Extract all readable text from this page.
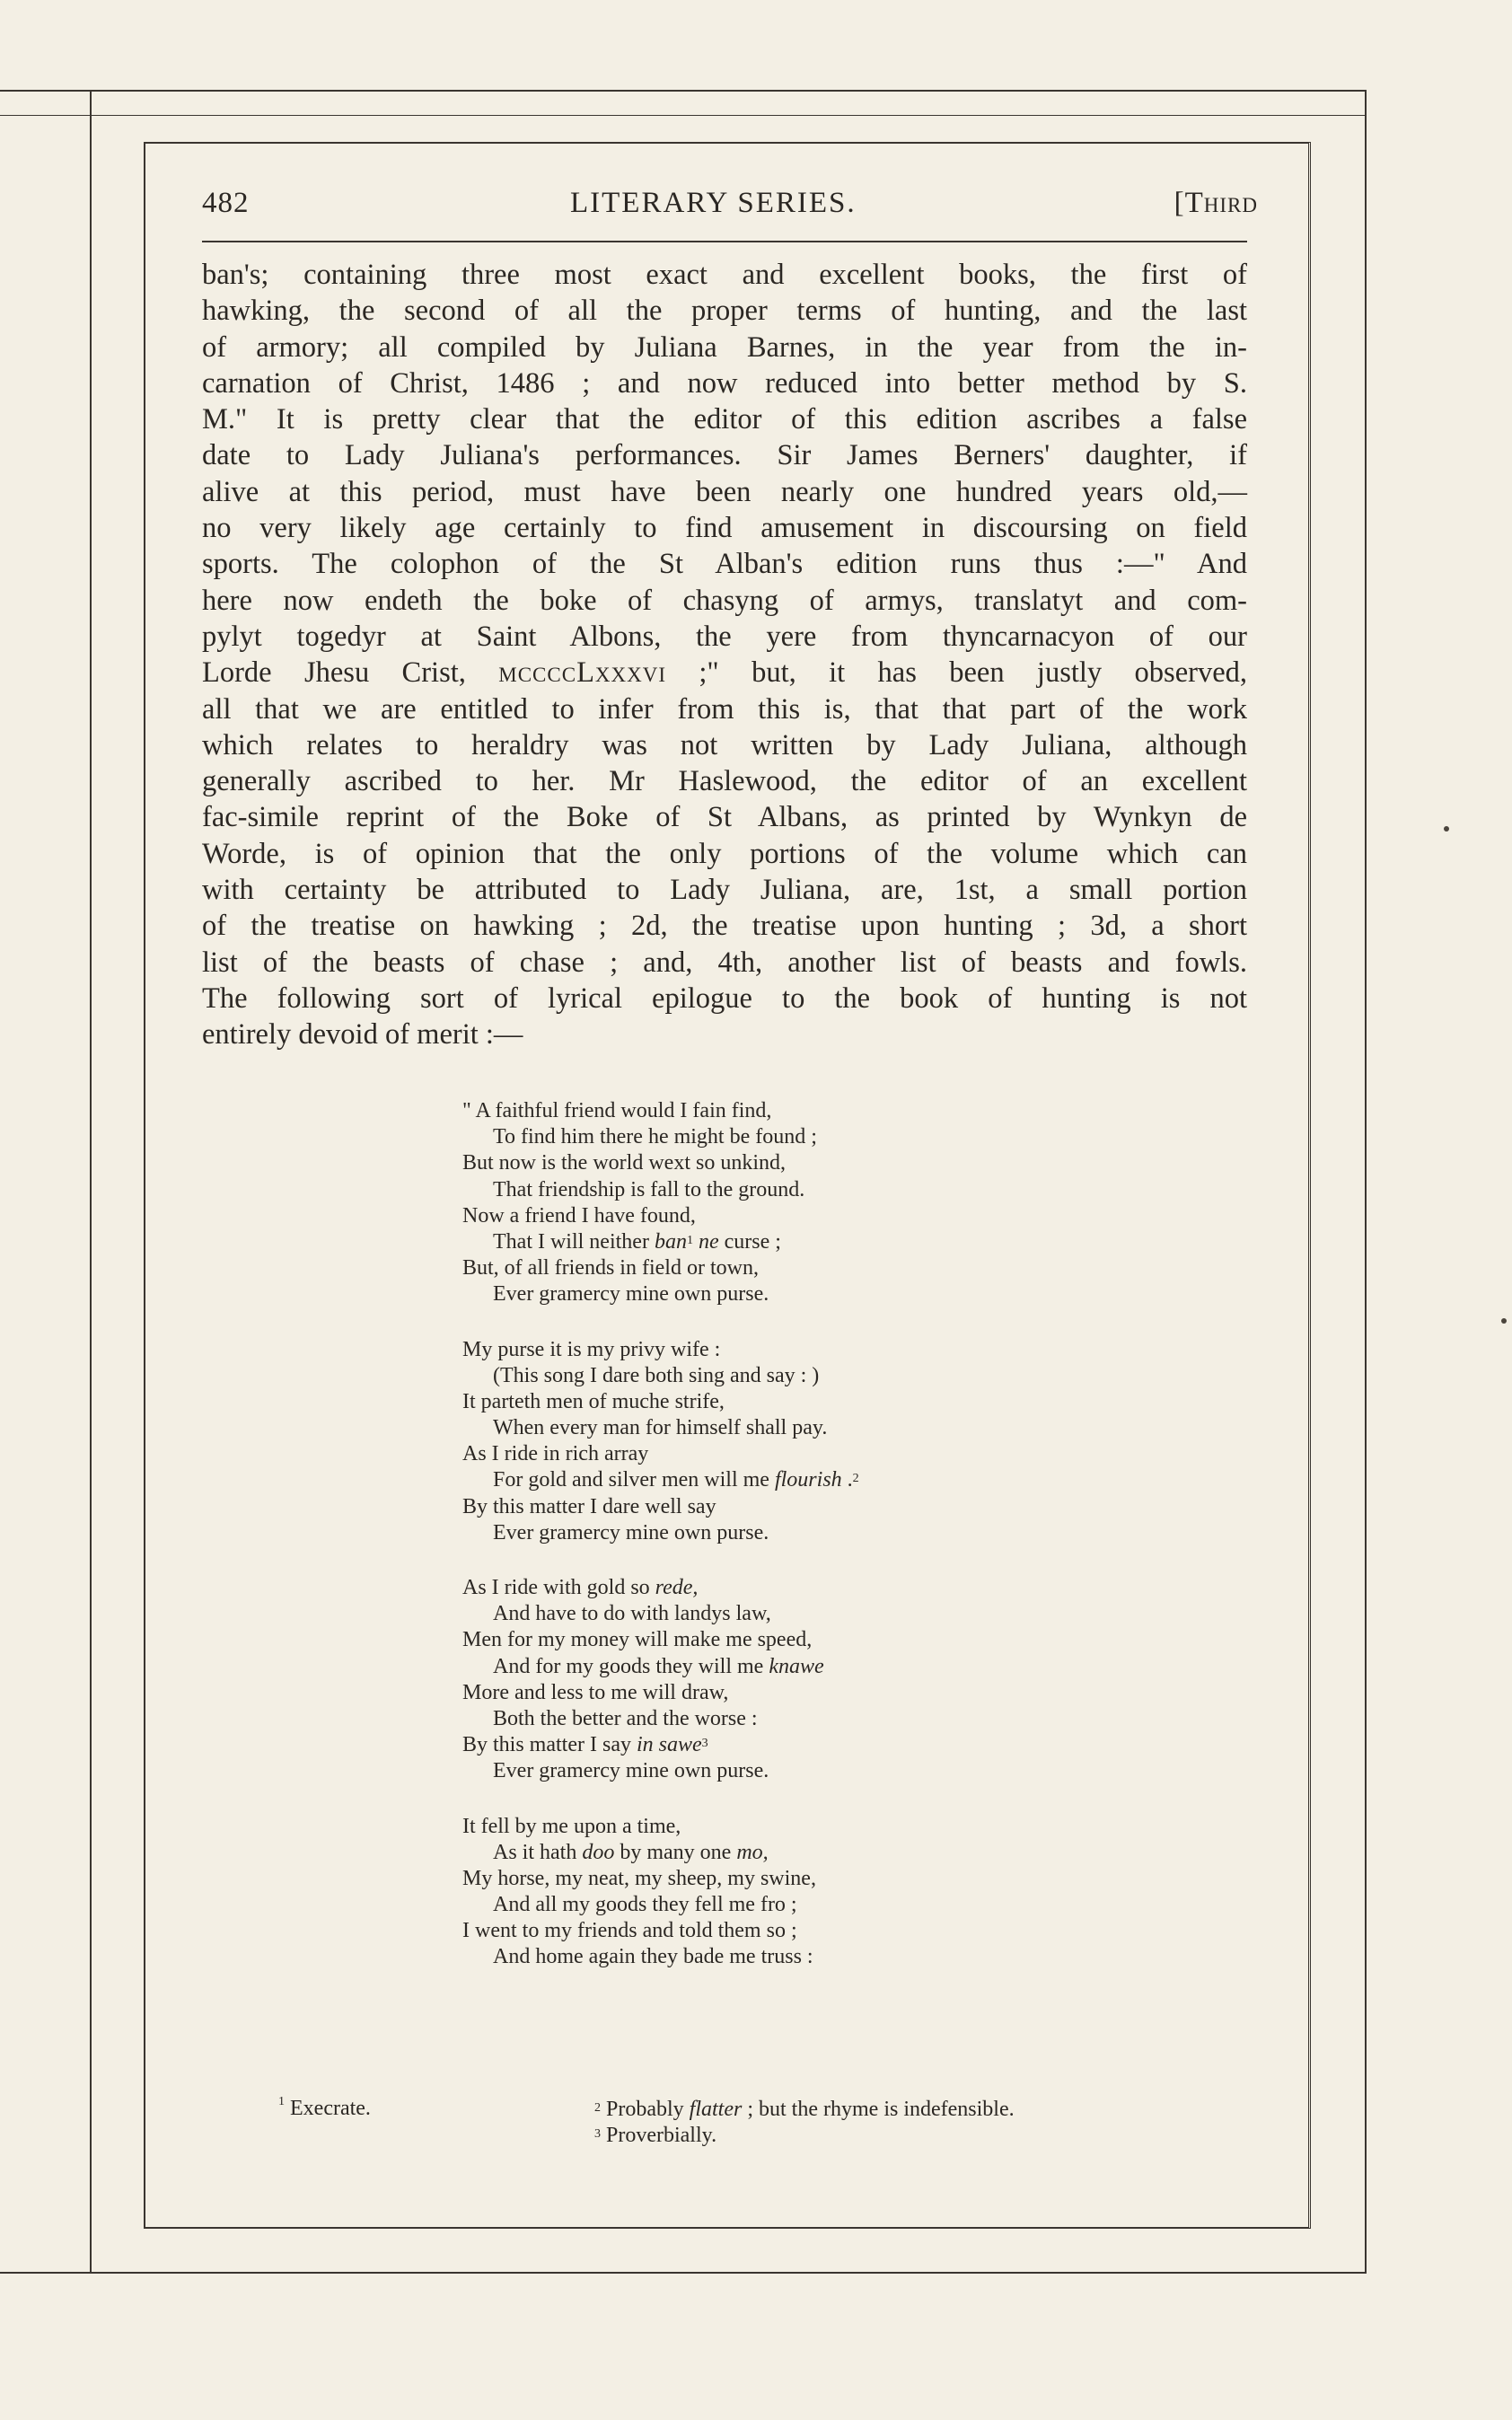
482	LITERARY SERIES.	[Third
ban's; containing three most exact and excellent books, the first of
hawking, the second of all the proper terms of hunting, and the last
of armory; all compiled by Juliana Barnes, in the year from the in-
carnation of Christ, 1486 ; and now reduced into better method by S.
M." It is pretty clear that the editor of this edition ascribes a false
date to Lady Juliana's performances. Sir James Berners' daughter, if
alive at this period, must have been nearly one hundred years old,—
no very likely age certainly to find amusement in discoursing on field
sports. The colophon of the St Alban's edition runs thus :—" And
here now endeth the boke of chasyng of armys, translatyt and com-
pylyt togedyr at Saint Albons, the yere from thyncarnacyon of our
Lorde Jhesu Crist, mccccLxxxvi ;" but, it has been justly observed,
all that we are entitled to infer from this is, that that part of the work
which relates to heraldry was not written by Lady Juliana, although
generally ascribed to her. Mr Haslewood, the editor of an excellent
fac-simile reprint of the Boke of St Albans, as printed by Wynkyn de
Worde, is of opinion that the only portions of the volume which can
with certainty be attributed to Lady Juliana, are, 1st, a small portion
of the treatise on hawking ; 2d, the treatise upon hunting ; 3d, a short
list of the beasts of chase ; and, 4th, another list of beasts and fowls.
The following sort of lyrical epilogue to the book of hunting is not
entirely devoid of merit :—
" A faithful friend would I fain find,
To find him there he might be found ;
But now is the world wext so unkind,
That friendship is fall to the ground.
Now a friend I have found,
That I will neither ban$^1$ ne curse ;
But, of all friends in field or town,
Ever gramercy mine own purse.
My purse it is my privy wife :
(This song I dare both sing and say : )
It parteth men of muche strife,
When every man for himself shall pay.
As I ride in rich array
For gold and silver men will me flourish .$^2$
By this matter I dare well say
Ever gramercy mine own purse.
As I ride with gold so rede,
And have to do with landys law,
Men for my money will make me speed,
And for my goods they will me knawe
More and less to me will draw,
Both the better and the worse :
By this matter I say in sawe$^3$
Ever gramercy mine own purse.
It fell by me upon a time,
As it hath doo by many one mo,
My horse, my neat, my sheep, my swine,
And all my goods they fell me fro ;
I went to my friends and told them so ;
And home again they bade me truss :
$^1$ Execrate.	$^2$ Probably flatter ; but the rhyme is indefensible.
$^3$ Proverbially.
